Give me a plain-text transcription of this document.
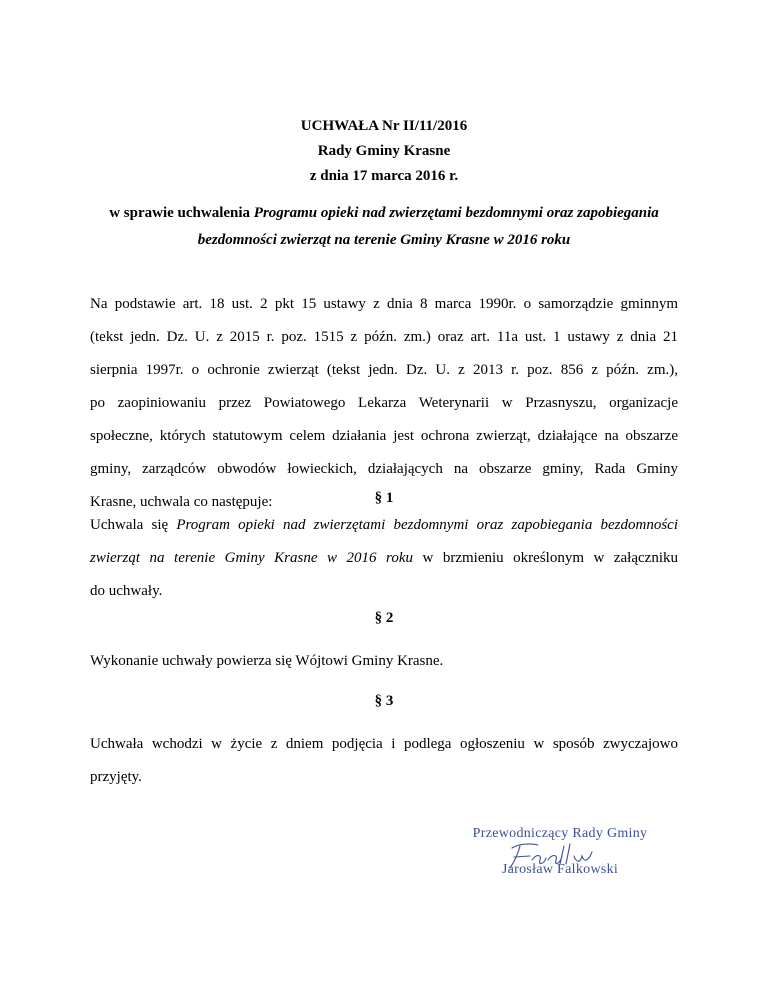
UCHWAŁA Nr II/11/2016
Rady Gminy Krasne
z dnia 17 marca 2016 r.
w sprawie uchwalenia Programu opieki nad zwierzętami bezdomnymi oraz zapobiegania
bezdomności zwierząt na terenie Gminy Krasne w 2016 roku
Na podstawie art. 18 ust. 2 pkt 15 ustawy z dnia 8 marca 1990r. o samorządzie gminnym
(tekst jedn. Dz. U. z 2015 r. poz. 1515 z późn. zm.) oraz art. 11a ust. 1 ustawy z dnia 21
sierpnia 1997r. o ochronie zwierząt (tekst jedn. Dz. U. z 2013 r. poz. 856 z późn. zm.),
po zaopiniowaniu przez Powiatowego Lekarza Weterynarii w Przasnyszu, organizacje
społeczne, których statutowym celem działania jest ochrona zwierząt, działające na obszarze
gminy, zarządców obwodów łowieckich, działających na obszarze gminy, Rada Gminy
Krasne, uchwala co następuje:	§ 1
Uchwala się Program opieki nad zwierzętami bezdomnymi oraz zapobiegania bezdomności
zwierząt na terenie Gminy Krasne w 2016 roku w brzmieniu określonym w załączniku
do uchwały.
§ 2
Wykonanie uchwały powierza się Wójtowi Gminy Krasne.
§ 3
Uchwała wchodzi w życie z dniem podjęcia i podlega ogłoszeniu w sposób zwyczajowo
przyjęty.
Przewodniczący Rady Gminy
Jarosław Falkowski
